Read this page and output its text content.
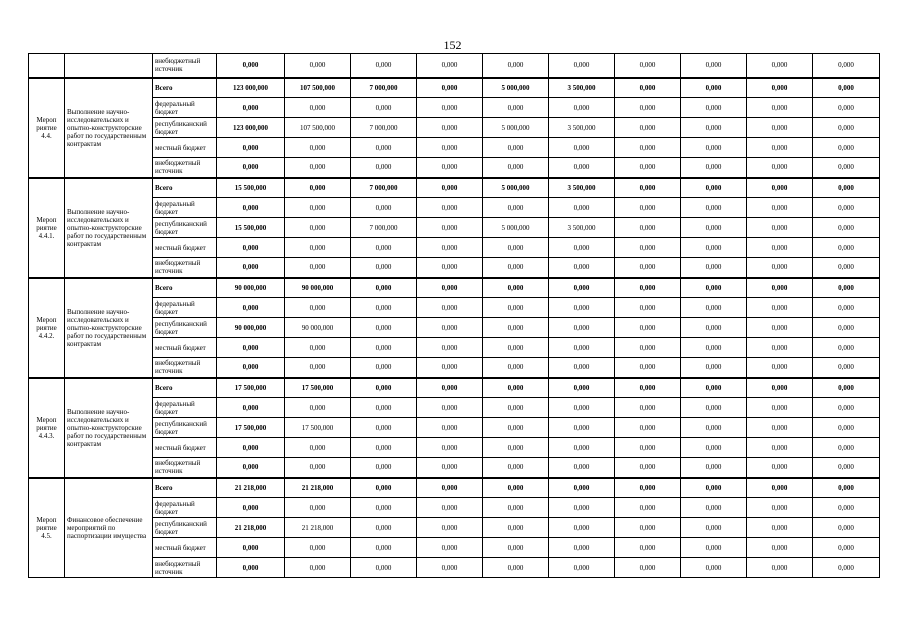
152
		внебюджетный источник	0,000	0,000	0,000	0,000	0,000	0,000	0,000	0,000	0,000	0,000
Мероп риятие 4.4.	Выполнение научно-исследовательских и опытно-конструкторские работ по государственным контрактам	Всего	123 000,000	107 500,000	7 000,000	0,000	5 000,000	3 500,000	0,000	0,000	0,000	0,000
		федеральный бюджет	0,000	0,000	0,000	0,000	0,000	0,000	0,000	0,000	0,000	0,000
		республиканский бюджет	123 000,000	107 500,000	7 000,000	0,000	5 000,000	3 500,000	0,000	0,000	0,000	0,000
		местный бюджет	0,000	0,000	0,000	0,000	0,000	0,000	0,000	0,000	0,000	0,000
		внебюджетный источник	0,000	0,000	0,000	0,000	0,000	0,000	0,000	0,000	0,000	0,000
Мероп риятие 4.4.1.	Выполнение научно-исследовательских и опытно-конструкторские работ по государственным контрактам	Всего	15 500,000	0,000	7 000,000	0,000	5 000,000	3 500,000	0,000	0,000	0,000	0,000
		федеральный бюджет	0,000	0,000	0,000	0,000	0,000	0,000	0,000	0,000	0,000	0,000
		республиканский бюджет	15 500,000	0,000	7 000,000	0,000	5 000,000	3 500,000	0,000	0,000	0,000	0,000
		местный бюджет	0,000	0,000	0,000	0,000	0,000	0,000	0,000	0,000	0,000	0,000
		внебюджетный источник	0,000	0,000	0,000	0,000	0,000	0,000	0,000	0,000	0,000	0,000
Мероп риятие 4.4.2.	Выполнение научно-исследовательских и опытно-конструкторские работ по государственным контрактам	Всего	90 000,000	90 000,000	0,000	0,000	0,000	0,000	0,000	0,000	0,000	0,000
		федеральный бюджет	0,000	0,000	0,000	0,000	0,000	0,000	0,000	0,000	0,000	0,000
		республиканский бюджет	90 000,000	90 000,000	0,000	0,000	0,000	0,000	0,000	0,000	0,000	0,000
		местный бюджет	0,000	0,000	0,000	0,000	0,000	0,000	0,000	0,000	0,000	0,000
		внебюджетный источник	0,000	0,000	0,000	0,000	0,000	0,000	0,000	0,000	0,000	0,000
Мероп риятие 4.4.3.	Выполнение научно-исследовательских и опытно-конструкторские работ по государственным контрактам	Всего	17 500,000	17 500,000	0,000	0,000	0,000	0,000	0,000	0,000	0,000	0,000
		федеральный бюджет	0,000	0,000	0,000	0,000	0,000	0,000	0,000	0,000	0,000	0,000
		республиканский бюджет	17 500,000	17 500,000	0,000	0,000	0,000	0,000	0,000	0,000	0,000	0,000
		местный бюджет	0,000	0,000	0,000	0,000	0,000	0,000	0,000	0,000	0,000	0,000
		внебюджетный источник	0,000	0,000	0,000	0,000	0,000	0,000	0,000	0,000	0,000	0,000
Мероп риятие 4.5.	Финансовое обеспечение мероприятий по паспортизации имущества	Всего	21 218,000	21 218,000	0,000	0,000	0,000	0,000	0,000	0,000	0,000	0,000
		федеральный бюджет	0,000	0,000	0,000	0,000	0,000	0,000	0,000	0,000	0,000	0,000
		республиканский бюджет	21 218,000	21 218,000	0,000	0,000	0,000	0,000	0,000	0,000	0,000	0,000
		местный бюджет	0,000	0,000	0,000	0,000	0,000	0,000	0,000	0,000	0,000	0,000
		внебюджетный источник	0,000	0,000	0,000	0,000	0,000	0,000	0,000	0,000	0,000	0,000
